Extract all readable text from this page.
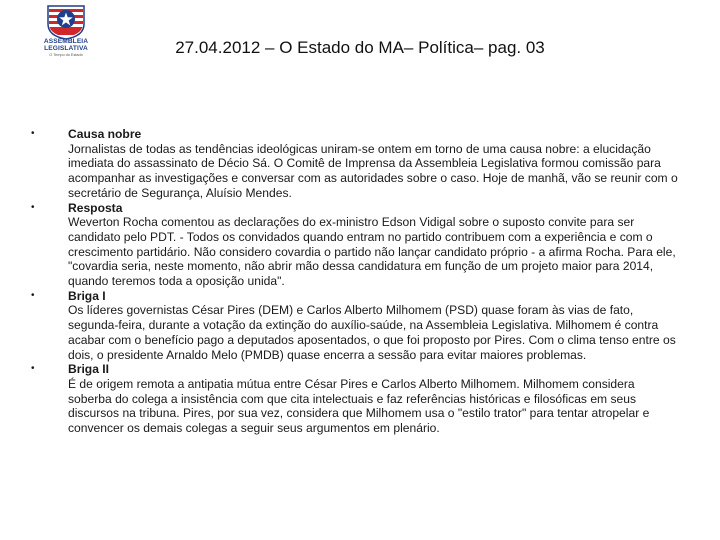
ASSEMBLEIA
LEGISLATIVA
O Tempo do Estado	27.04.2012 – O Estado do MA– Política– pag. 03
•	Causa nobre
Jornalistas de todas as tendências ideológicas uniram-se ontem em torno de uma causa nobre: a elucidação imediata do assassinato de Décio Sá. O Comitê de Imprensa da Assembleia Legislativa formou comissão para acompanhar as investigações e conversar com as autoridades sobre o caso. Hoje de manhã, vão se reunir com o secretário de Segurança, Aluísio Mendes.
•	Resposta
Weverton Rocha comentou as declarações do ex-ministro Edson Vidigal sobre o suposto convite para ser candidato pelo PDT. - Todos os convidados quando entram no partido contribuem com a experiência e com o crescimento partidário. Não considero covardia o partido não lançar candidato próprio - a afirma Rocha. Para ele, "covardia seria, neste momento, não abrir mão dessa candidatura em função de um projeto maior para 2014, quando teremos toda a oposição unida".
•	Briga I
Os líderes governistas César Pires (DEM) e Carlos Alberto Milhomem (PSD) quase foram às vias de fato, segunda-feira, durante a votação da extinção do auxílio-saúde, na Assembleia Legislativa. Milhomem é contra acabar com o benefício pago a deputados aposentados, o que foi proposto por Pires. Com o clima tenso entre os dois, o presidente Arnaldo Melo (PMDB) quase encerra a sessão para evitar maiores problemas.
•	Briga II
É de origem remota a antipatia mútua entre César Pires e Carlos Alberto Milhomem. Milhomem considera soberba do colega a insistência com que cita intelectuais e faz referências históricas e filosóficas em seus discursos na tribuna. Pires, por sua vez, considera que Milhomem usa o "estilo trator" para tentar atropelar e convencer os demais colegas a seguir seus argumentos em plenário.
